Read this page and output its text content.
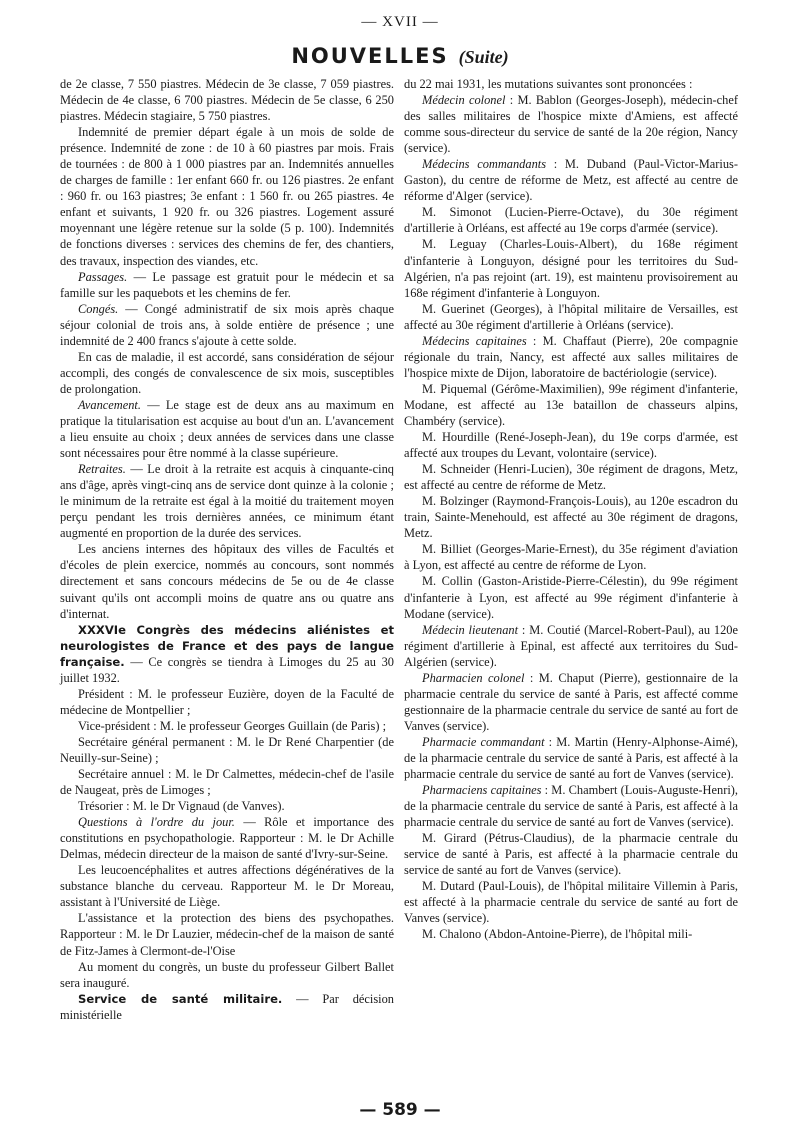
— XVII —
NOUVELLES (Suite)

de 2e classe, 7 550 piastres. Médecin de 3e classe, 7 059 piastres. Médecin de 4e classe, 6 700 piastres. Médecin de 5e classe, 6 250 piastres. Médecin stagiaire, 5 750 piastres.

Indemnité de premier départ égale à un mois de solde de présence. Indemnité de zone : de 10 à 60 piastres par mois. Frais de tournées : de 800 à 1 000 piastres par an. Indemnités annuelles de charges de famille : 1er enfant 660 fr. ou 126 piastres. 2e enfant : 960 fr. ou 163 piastres; 3e enfant : 1 560 fr. ou 265 piastres. 4e enfant et suivants, 1 920 fr. ou 326 piastres. Logement assuré moyennant une légère retenue sur la solde (5 p. 100). Indemnités de fonctions diverses : services des chemins de fer, des chantiers, des travaux, inspection des viandes, etc.

Passages. — Le passage est gratuit pour le médecin et sa famille sur les paquebots et les chemins de fer.

Congés. — Congé administratif de six mois après chaque séjour colonial de trois ans, à solde entière de présence ; une indemnité de 2 400 francs s'ajoute à cette solde.

En cas de maladie, il est accordé, sans considération de séjour accompli, des congés de convalescence de six mois, susceptibles de prolongation.

Avancement. — Le stage est de deux ans au maximum en pratique la titularisation est acquise au bout d'un an. L'avancement a lieu ensuite au choix ; deux années de services dans une classe sont nécessaires pour être nommé à la classe supérieure.

Retraites. — Le droit à la retraite est acquis à cinquante-cinq ans d'âge, après vingt-cinq ans de service dont quinze à la colonie ; le minimum de la retraite est égal à la moitié du traitement moyen perçu pendant les trois dernières années, ce minimum étant augmenté en proportion de la durée des services.

Les anciens internes des hôpitaux des villes de Facultés et d'écoles de plein exercice, nommés au concours, sont nommés directement et sans concours médecins de 5e ou de 4e classe suivant qu'ils ont accompli moins de quatre ans ou quatre ans d'internat.

XXXVIe Congrès des médecins aliénistes et neurologistes de France et des pays de langue française. — Ce congrès se tiendra à Limoges du 25 au 30 juillet 1932.

Président : M. le professeur Euzière, doyen de la Faculté de médecine de Montpellier ;

Vice-président : M. le professeur Georges Guillain (de Paris) ;

Secrétaire général permanent : M. le Dr René Charpentier (de Neuilly-sur-Seine) ;

Secrétaire annuel : M. le Dr Calmettes, médecin-chef de l'asile de Naugeat, près de Limoges ;

Trésorier : M. le Dr Vignaud (de Vanves).

Questions à l'ordre du jour. — Rôle et importance des constitutions en psychopathologie. Rapporteur : M. le Dr Achille Delmas, médecin directeur de la maison de santé d'Ivry-sur-Seine.

Les leucoencéphalites et autres affections dégénératives de la substance blanche du cerveau. Rapporteur M. le Dr Moreau, assistant à l'Université de Liège.

L'assistance et la protection des biens des psychopathes. Rapporteur : M. le Dr Lauzier, médecin-chef de la maison de santé de Fitz-James à Clermont-de-l'Oise

Au moment du congrès, un buste du professeur Gilbert Ballet sera inauguré.

Service de santé militaire. — Par décision ministérielle

du 22 mai 1931, les mutations suivantes sont prononcées :

Médecin colonel : M. Bablon (Georges-Joseph), médecin-chef des salles militaires de l'hospice mixte d'Amiens, est affecté comme sous-directeur du service de santé de la 20e région, Nancy (service).

Médecins commandants : M. Duband (Paul-Victor-Marius-Gaston), du centre de réforme de Metz, est affecté au centre de réforme d'Alger (service).

M. Simonot (Lucien-Pierre-Octave), du 30e régiment d'artillerie à Orléans, est affecté au 19e corps d'armée (service).

M. Leguay (Charles-Louis-Albert), du 168e régiment d'infanterie à Longuyon, désigné pour les territoires du Sud-Algérien, n'a pas rejoint (art. 19), est maintenu provisoirement au 168e régiment d'infanterie à Longuyon.

M. Guerinet (Georges), à l'hôpital militaire de Versailles, est affecté au 30e régiment d'artillerie à Orléans (service).

Médecins capitaines : M. Chaffaut (Pierre), 20e compagnie régionale du train, Nancy, est affecté aux salles militaires de l'hospice mixte de Dijon, laboratoire de bactériologie (service).

M. Piquemal (Gérôme-Maximilien), 99e régiment d'infanterie, Modane, est affecté au 13e bataillon de chasseurs alpins, Chambéry (service).

M. Hourdille (René-Joseph-Jean), du 19e corps d'armée, est affecté aux troupes du Levant, volontaire (service).

M. Schneider (Henri-Lucien), 30e régiment de dragons, Metz, est affecté au centre de réforme de Metz.

M. Bolzinger (Raymond-François-Louis), au 120e escadron du train, Sainte-Menehould, est affecté au 30e régiment de dragons, Metz.

M. Billiet (Georges-Marie-Ernest), du 35e régiment d'aviation à Lyon, est affecté au centre de réforme de Lyon.

M. Collin (Gaston-Aristide-Pierre-Célestin), du 99e régiment d'infanterie à Lyon, est affecté au 99e régiment d'infanterie à Modane (service).

Médecin lieutenant : M. Coutié (Marcel-Robert-Paul), au 120e régiment d'artillerie à Epinal, est affecté aux territoires du Sud-Algérien (service).

Pharmacien colonel : M. Chaput (Pierre), gestionnaire de la pharmacie centrale du service de santé à Paris, est affecté comme gestionnaire de la pharmacie centrale du service de santé au fort de Vanves (service).

Pharmacie commandant : M. Martin (Henry-Alphonse-Aimé), de la pharmacie centrale du service de santé à Paris, est affecté à la pharmacie centrale du service de santé au fort de Vanves (service).

Pharmaciens capitaines : M. Chambert (Louis-Auguste-Henri), de la pharmacie centrale du service de santé à Paris, est affecté à la pharmacie centrale du service de santé au fort de Vanves (service).

M. Girard (Pétrus-Claudius), de la pharmacie centrale du service de santé à Paris, est affecté à la pharmacie centrale du service de santé au fort de Vanves (service).

M. Dutard (Paul-Louis), de l'hôpital militaire Villemin à Paris, est affecté à la pharmacie centrale du service de santé au fort de Vanves (service).

M. Chalono (Abdon-Antoine-Pierre), de l'hôpital mili-

— 589 —
